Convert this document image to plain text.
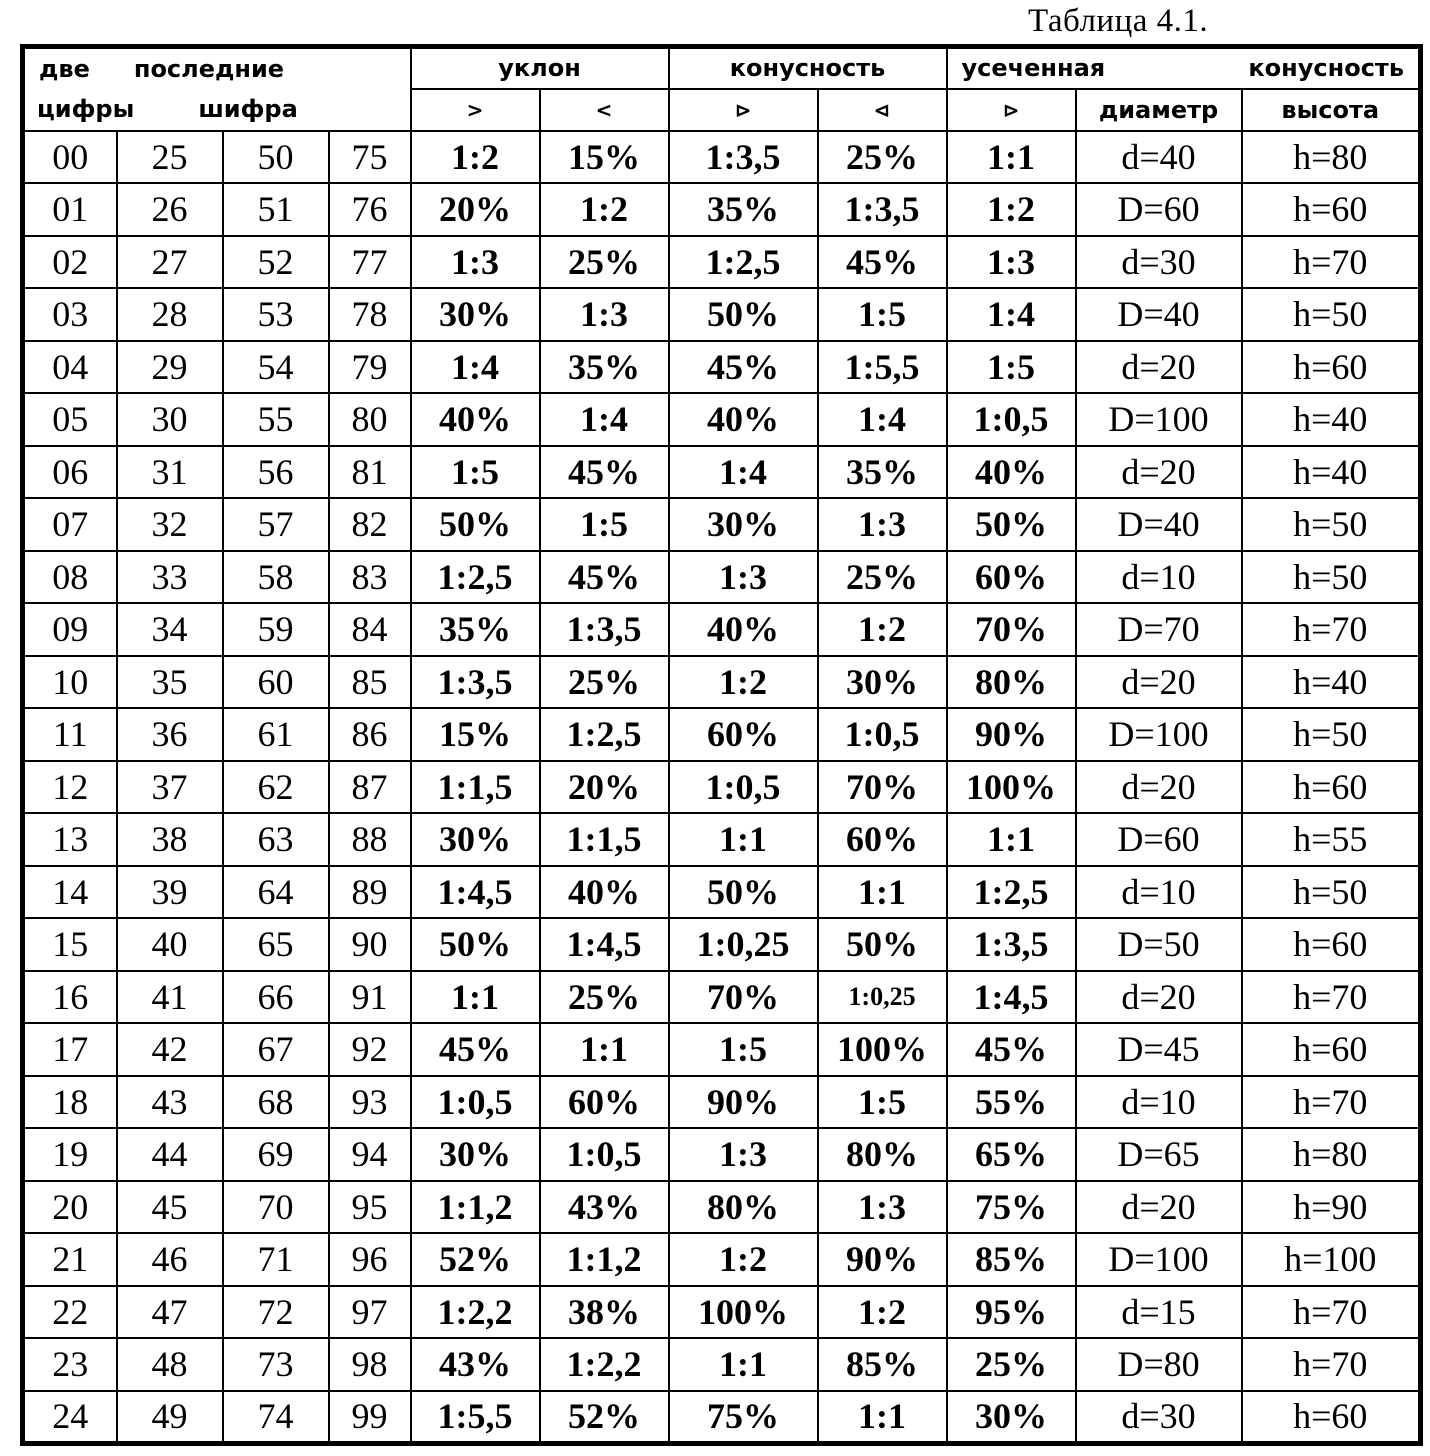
Таблица 4.1.
две последние				уклон		конусность		усеченная конусность		

цифры шифра				>	<	⊳	⊲	⊳	диаметр	высота
00	25	50	75	1:2	15%	1:3,5	25%	1:1	d=40	h=80
01	26	51	76	20%	1:2	35%	1:3,5	1:2	D=60	h=60
02	27	52	77	1:3	25%	1:2,5	45%	1:3	d=30	h=70
03	28	53	78	30%	1:3	50%	1:5	1:4	D=40	h=50
04	29	54	79	1:4	35%	45%	1:5,5	1:5	d=20	h=60
05	30	55	80	40%	1:4	40%	1:4	1:0,5	D=100	h=40
06	31	56	81	1:5	45%	1:4	35%	40%	d=20	h=40
07	32	57	82	50%	1:5	30%	1:3	50%	D=40	h=50
08	33	58	83	1:2,5	45%	1:3	25%	60%	d=10	h=50
09	34	59	84	35%	1:3,5	40%	1:2	70%	D=70	h=70
10	35	60	85	1:3,5	25%	1:2	30%	80%	d=20	h=40
11	36	61	86	15%	1:2,5	60%	1:0,5	90%	D=100	h=50
12	37	62	87	1:1,5	20%	1:0,5	70%	100%	d=20	h=60
13	38	63	88	30%	1:1,5	1:1	60%	1:1	D=60	h=55
14	39	64	89	1:4,5	40%	50%	1:1	1:2,5	d=10	h=50
15	40	65	90	50%	1:4,5	1:0,25	50%	1:3,5	D=50	h=60
16	41	66	91	1:1	25%	70%	1:0,25	1:4,5	d=20	h=70
17	42	67	92	45%	1:1	1:5	100%	45%	D=45	h=60
18	43	68	93	1:0,5	60%	90%	1:5	55%	d=10	h=70
19	44	69	94	30%	1:0,5	1:3	80%	65%	D=65	h=80
20	45	70	95	1:1,2	43%	80%	1:3	75%	d=20	h=90
21	46	71	96	52%	1:1,2	1:2	90%	85%	D=100	h=100
22	47	72	97	1:2,2	38%	100%	1:2	95%	d=15	h=70
23	48	73	98	43%	1:2,2	1:1	85%	25%	D=80	h=70
24	49	74	99	1:5,5	52%	75%	1:1	30%	d=30	h=60
